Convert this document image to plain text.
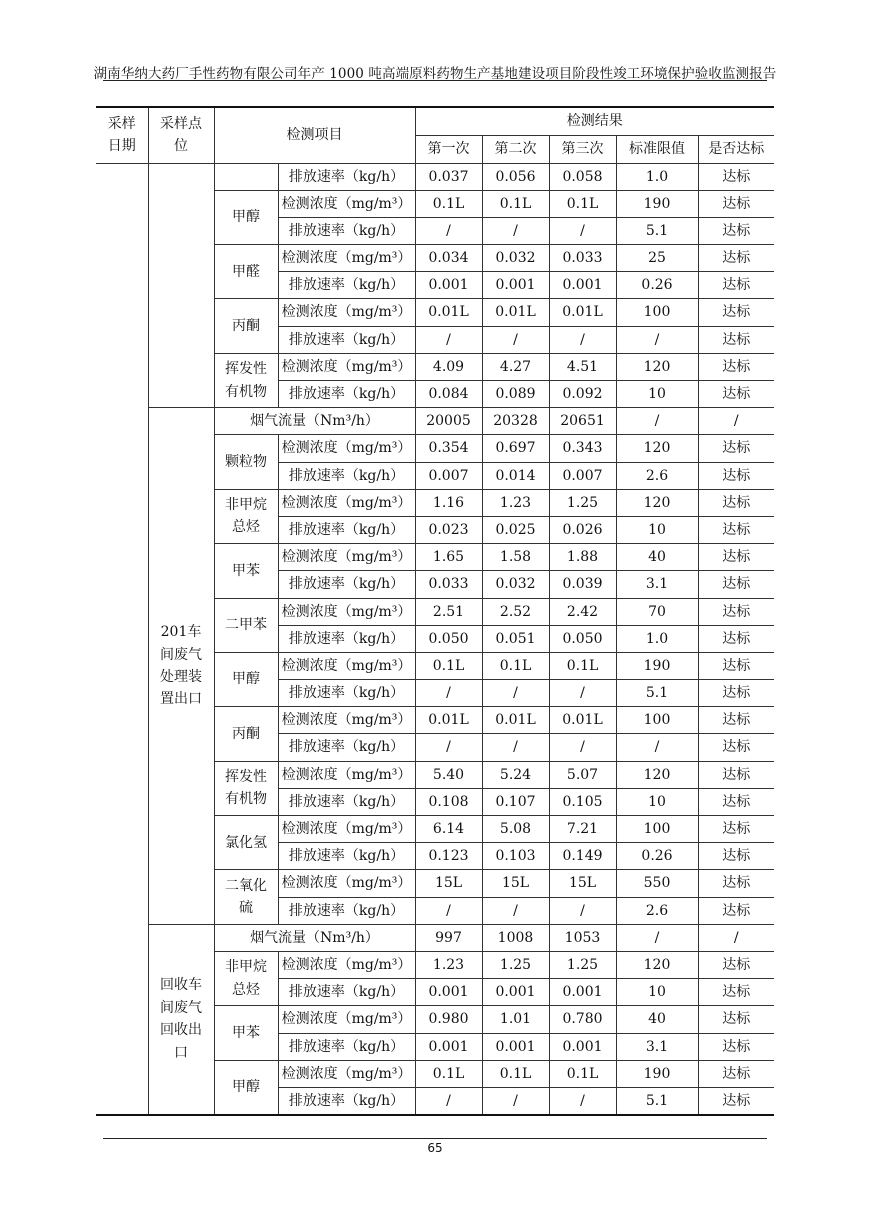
湖南华纳大药厂手性药物有限公司年产 1000 吨高端原料药物生产基地建设项目阶段性竣工环境保护验收监测报告
采样日期	采样点位	检测项目		检测结果				
				第一次	第二次	第三次	标准限值	是否达标
			排放速率（kg/h）	0.037	0.056	0.058	1.0	达标
		甲醇	检测浓度（mg/m³）	0.1L	0.1L	0.1L	190	达标
			排放速率（kg/h）	/	/	/	5.1	达标
		甲醛	检测浓度（mg/m³）	0.034	0.032	0.033	25	达标
			排放速率（kg/h）	0.001	0.001	0.001	0.26	达标
		丙酮	检测浓度（mg/m³）	0.01L	0.01L	0.01L	100	达标
			排放速率（kg/h）	/	/	/	/	达标
		挥发性有机物	检测浓度（mg/m³）	4.09	4.27	4.51	120	达标
			排放速率（kg/h）	0.084	0.089	0.092	10	达标
	201车间废气处理装置出口	烟气流量（Nm³/h）		20005	20328	20651	/	/
		颗粒物	检测浓度（mg/m³）	0.354	0.697	0.343	120	达标
			排放速率（kg/h）	0.007	0.014	0.007	2.6	达标
		非甲烷总烃	检测浓度（mg/m³）	1.16	1.23	1.25	120	达标
			排放速率（kg/h）	0.023	0.025	0.026	10	达标
		甲苯	检测浓度（mg/m³）	1.65	1.58	1.88	40	达标
			排放速率（kg/h）	0.033	0.032	0.039	3.1	达标
		二甲苯	检测浓度（mg/m³）	2.51	2.52	2.42	70	达标
			排放速率（kg/h）	0.050	0.051	0.050	1.0	达标
		甲醇	检测浓度（mg/m³）	0.1L	0.1L	0.1L	190	达标
			排放速率（kg/h）	/	/	/	5.1	达标
		丙酮	检测浓度（mg/m³）	0.01L	0.01L	0.01L	100	达标
			排放速率（kg/h）	/	/	/	/	达标
		挥发性有机物	检测浓度（mg/m³）	5.40	5.24	5.07	120	达标
			排放速率（kg/h）	0.108	0.107	0.105	10	达标
		氯化氢	检测浓度（mg/m³）	6.14	5.08	7.21	100	达标
			排放速率（kg/h）	0.123	0.103	0.149	0.26	达标
		二氧化硫	检测浓度（mg/m³）	15L	15L	15L	550	达标
			排放速率（kg/h）	/	/	/	2.6	达标
	回收车间废气回收出口	烟气流量（Nm³/h）		997	1008	1053	/	/
		非甲烷总烃	检测浓度（mg/m³）	1.23	1.25	1.25	120	达标
			排放速率（kg/h）	0.001	0.001	0.001	10	达标
		甲苯	检测浓度（mg/m³）	0.980	1.01	0.780	40	达标
			排放速率（kg/h）	0.001	0.001	0.001	3.1	达标
		甲醇	检测浓度（mg/m³）	0.1L	0.1L	0.1L	190	达标
			排放速率（kg/h）	/	/	/	5.1	达标
65
